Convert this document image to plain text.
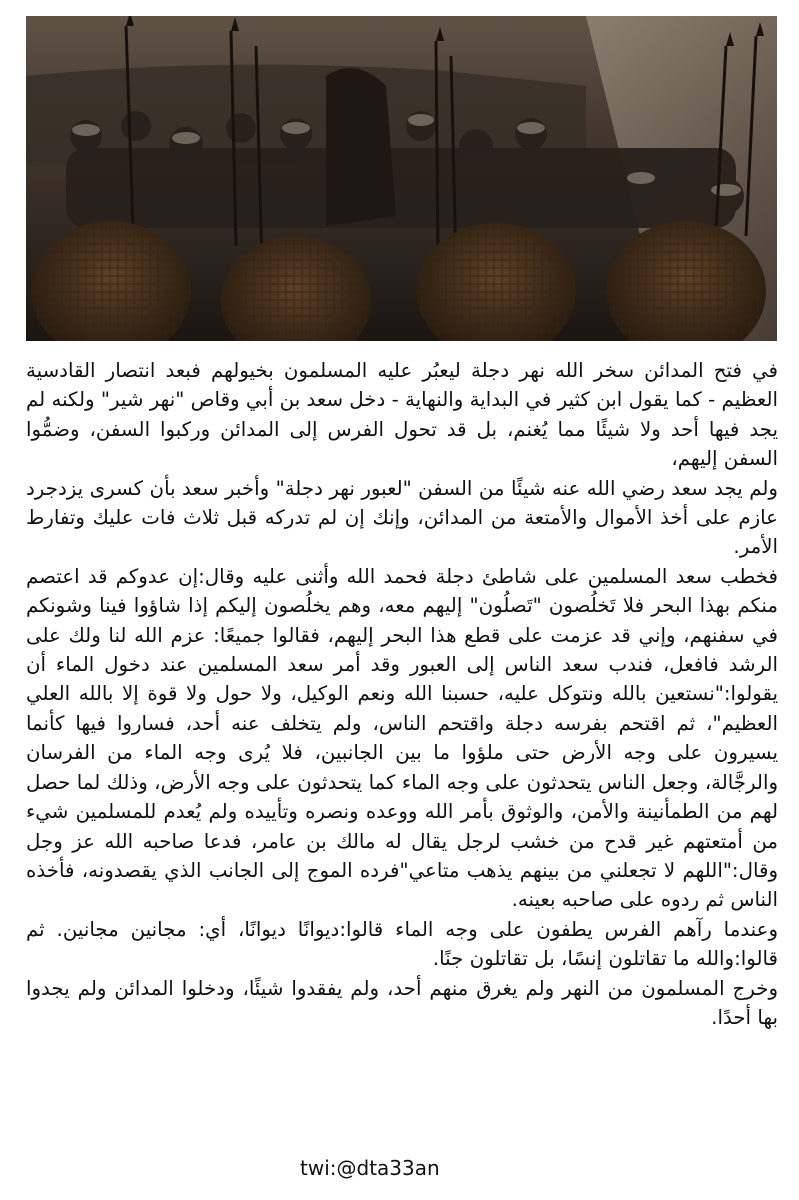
في فتح المدائن سخر الله نهر دجلة ليعبُر عليه المسلمون بخيولهم فبعد انتصار القادسية العظيم - كما يقول ابن كثير في البداية والنهاية - دخل سعد بن أبي وقاص "نهر شير" ولكنه لم يجد فيها أحد ولا شيئًا مما يُغنم، بل قد تحول الفرس إلى المدائن وركبوا السفن، وضمُّوا السفن إليهم،

ولم يجد سعد رضي الله عنه شيئًا من السفن "لعبور نهر دجلة" وأخبر سعد بأن كسرى يزدجرد عازم على أخذ الأموال والأمتعة من المدائن، وإنك إن لم تدركه قبل ثلاث فات عليك وتفارط الأمر.

فخطب سعد المسلمين على شاطئ دجلة فحمد الله وأثنى عليه وقال:إن عدوكم قد اعتصم منكم بهذا البحر فلا تَخلُصون "تَصلُون" إليهم معه، وهم يخلُصون إليكم إذا شاؤوا فينا وشونكم في سفنهم، وإني قد عزمت على قطع هذا البحر إليهم، فقالوا جميعًا: عزم الله لنا ولك على الرشد فافعل، فندب سعد الناس إلى العبور وقد أمر سعد المسلمين عند دخول الماء أن يقولوا:"نستعين بالله ونتوكل عليه، حسبنا الله ونعم الوكيل، ولا حول ولا قوة إلا بالله العلي العظيم"، ثم اقتحم بفرسه دجلة واقتحم الناس، ولم يتخلف عنه أحد، فساروا فيها كأنما يسيرون على وجه الأرض حتى ملؤوا ما بين الجانبين، فلا يُرى وجه الماء من الفرسان والرجَّالة، وجعل الناس يتحدثون على وجه الماء كما يتحدثون على وجه الأرض، وذلك لما حصل لهم من الطمأنينة والأمن، والوثوق بأمر الله ووعده ونصره وتأييده ولم يُعدم للمسلمين شيء من أمتعتهم غير قدح من خشب لرجل يقال له مالك بن عامر، فدعا صاحبه الله عز وجل وقال:"اللهم لا تجعلني من بينهم يذهب متاعي"فرده الموج إلى الجانب الذي يقصدونه، فأخذه الناس ثم ردوه على صاحبه بعينه.

وعندما رآهم الفرس يطفون على وجه الماء قالوا:ديوانًا ديوانًا، أي: مجانين مجانين. ثم قالوا:والله ما تقاتلون إنسًا، بل تقاتلون جنًا.

وخرج المسلمون من النهر ولم يغرق منهم أحد، ولم يفقدوا شيئًا، ودخلوا المدائن ولم يجدوا بها أحدًا.

twi:@dta33an
